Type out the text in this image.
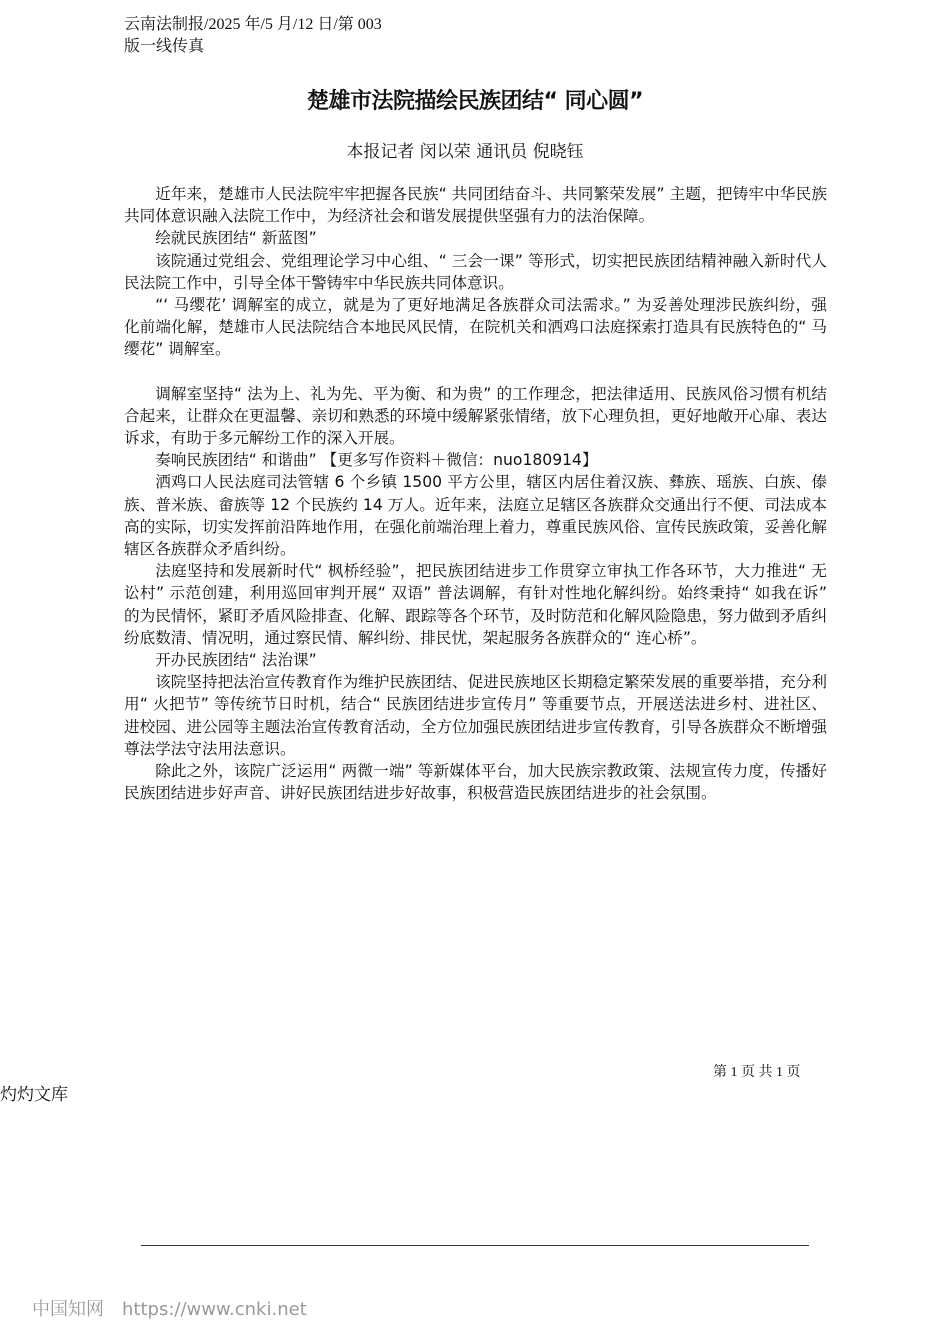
云南法制报/2025 年/5 月/12 日/第 003
版一线传真
楚雄市法院描绘民族团结“ 同心圆”
本报记者 闵以荣 通讯员 倪晓钰

近年来，楚雄市人民法院牢牢把握各民族“ 共同团结奋斗、共同繁荣发展” 主题，把铸牢中华民族共同体意识融入法院工作中，为经济社会和谐发展提供坚强有力的法治保障。

绘就民族团结“ 新蓝图”

该院通过党组会、党组理论学习中心组、“ 三会一课” 等形式，切实把民族团结精神融入新时代人民法院工作中，引导全体干警铸牢中华民族共同体意识。

“‘ 马缨花’ 调解室的成立，就是为了更好地满足各族群众司法需求。” 为妥善处理涉民族纠纷，强化前端化解，楚雄市人民法院结合本地民风民情，在院机关和洒鸡口法庭探索打造具有民族特色的“ 马缨花” 调解室。

调解室坚持“ 法为上、礼为先、平为衡、和为贵” 的工作理念，把法律适用、民族风俗习惯有机结合起来，让群众在更温馨、亲切和熟悉的环境中缓解紧张情绪，放下心理负担，更好地敞开心扉、表达诉求，有助于多元解纷工作的深入开展。

奏响民族团结“ 和谐曲” 【更多写作资料＋微信：nuo180914】

洒鸡口人民法庭司法管辖 6 个乡镇 1500 平方公里，辖区内居住着汉族、彝族、瑶族、白族、傣族、普米族、畲族等 12 个民族约 14 万人。近年来，法庭立足辖区各族群众交通出行不便、司法成本高的实际，切实发挥前沿阵地作用，在强化前端治理上着力，尊重民族风俗、宣传民族政策，妥善化解辖区各族群众矛盾纠纷。

法庭坚持和发展新时代“ 枫桥经验”，把民族团结进步工作贯穿立审执工作各环节，大力推进“ 无讼村” 示范创建，利用巡回审判开展“ 双语” 普法调解，有针对性地化解纠纷。始终秉持“ 如我在诉” 的为民情怀，紧盯矛盾风险排查、化解、跟踪等各个环节，及时防范和化解风险隐患，努力做到矛盾纠纷底数清、情况明，通过察民情、解纠纷、排民忧，架起服务各族群众的“ 连心桥”。

开办民族团结“ 法治课”

该院坚持把法治宣传教育作为维护民族团结、促进民族地区长期稳定繁荣发展的重要举措，充分利用“ 火把节” 等传统节日时机，结合“ 民族团结进步宣传月” 等重要节点，开展送法进乡村、进社区、进校园、进公园等主题法治宣传教育活动，全方位加强民族团结进步宣传教育，引导各族群众不断增强尊法学法守法用法意识。

除此之外，该院广泛运用“ 两微一端” 等新媒体平台，加大民族宗教政策、法规宣传力度，传播好民族团结进步好声音、讲好民族团结进步好故事，积极营造民族团结进步的社会氛围。

第 1 页 共 1 页
灼灼文库
中国知网 https://www.cnki.net
